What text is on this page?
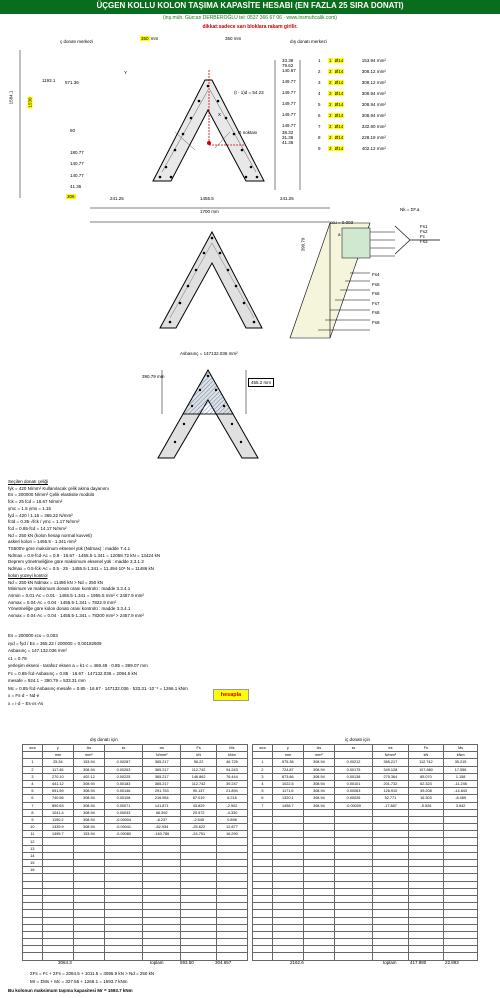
ÜÇGEN KOLLU KOLON TAŞIMA KAPASİTE HESABI (EN FAZLA 25 SIRA DONATI)
(inş.müh. Gürcan DERBEROĞLU tel: 0537 366 67 06 · www.insmuhcalik.com)
dikkat:sadece sarı bloklara rakam girilir.
ç donatı merkezi	dış donatı merkezi
350 mm	350 mm
1584.1	1530
1193.1 571.36
60
180.77
140.77
140.77
41.36
306
G noktası
X
Y
(t - 1)d = 54.23
241.25	1455.5	241.25
1700 mm
33.39
79.62
140.67
149.77
149.77
149.77
149.77
149.77
38.32
31.36
41.36
1 1 Ø14	153.94 mm²
2 2 Ø14	308.12 mm²
3 2 Ø14	308.12 mm²
4 2 Ø14	308.94 mm²
5 2 Ø14	308.94 mm²
6 2 Ø14	308.94 mm²
7 2 Ø14	332.80 mm²
8 2 Ø14	228.19 mm²
9 2 Ø14	402.12 mm²
εcu = 0.003
390.79
a
Nk = ΣF.a
Fs1
Fs2
Fc
Fs3
Fs4
Fs5
Fs6
Fs7
Fs8
Fs9
Asbasınç = 147132.036 mm²
390.79 mm
455.2 mm
Seçilen donatı çeliği
fyk = 420 N/mm² Kullanılacak çelik akma dayanımı
Es = 200000 N/mm² Çelik elastisite modülü
fck = 25 fcd = 16.67 N/mm²
γmc = 1.5 γms = 1.15
fyd = 420 / 1.15 = 365.22 N/mm²
fctd = 0.35·√fck / γmc = 1.17 N/mm²
fcd = 0.85·fcd = 14.17 N/mm²
Nd = 250 kN (kolon hesap normal kuvveti)
askeri kolon = 1455.5 · 1.341 mm²
TS500'e göre maksimum eksenel yük (Ndmax) : madde 7.4.1
Ndmax = 0.9·fcd·Ac = 0.9 · 16.67 · 1455.5·1.341 = 12058.72 kN = 13424 kN
Deprem yönetmeliğine göre maksimum eksenel yük : madde 3.3.1.2
Ndmax = 0.5·fck·Ac = 0.5 · 25 · 1455.5·1.341 = 11.494·10⁶ N = 11486 kN
kolon yüzeyi kontrol
Nd = 250 kN Ndmax = 11486 kN > Nd = 250 kN
Minimum ve maksimum donatı oranı kontrolü : madde 3.3.4.1
Asmin = 0.01·Ac = 0.01 · 1455.5·1.341 = 1955.5 mm² < 2457.9 mm²
Asmax = 0.04·Ac = 0.04 · 1455.5·1.341 = 7822.9 mm²
Yönetmeliğe göre kolon donatı oranı kontrolü : madde 3.3.4.1
Asmax = 0.04·Ac = 0.04 · 1455.5·1.341 = 78200 mm² > 2457.9 mm²
Es = 200000 εcu = 0.003
εyd = fyd / Es = 365.22 / 200000 = 0.00182609
Asbasınç = 147.132.036 mm²
c1 = 0.79
yerleşim ekseni - tarafsız eksen a = k1·c = 469.49 · 0.85 = 399.07 mm
Fc = 0.85·fcd·Asbasınç = 0.85 · 16.67 · 147132.036 = 2084.5 kN
mesafe = 924.1 − 390.79 = 533.31 mm
Mc = 0.85·fcd·Asbasınç·mesafe = 0.85 · 16.67 · 147132.036 · 533.31 ·10⁻⁶ = 1266.1 kNm
x = Fs·d − Nd·e
x = i·d − Es·εs·As
hesapla
dış donatı için	iç donatı için
sıra	y	As	εs	σs	Fs	Ms
	mm	mm²		N/mm²	kN	kNm
1	25.34	153.94	0.00287	365.217	56.22	46.725
2	117.46	308.94	0.00263	365.217	112.742	94.243
3	270.10	402.12	0.00225	365.217	146.862	76.444
4	441.12	308.94	0.00183	365.217	112.742	39.247
5	591.59	308.94	0.00146	291.753	90.137	21.894
6	740.56	308.94	0.00108	216.954	67.019	6.218
7	890.63	308.94	0.00071	141.871	43.829	-2.502
8	1041.4	308.94	0.00033	66.592	20.572	-4.330
9	1190.2	308.94	-0.00004	-8.237	-2.545	0.898
10	1339.9	308.94	-0.00041	-82.934	-25.622	12.877
11	1495.7	153.94	-0.00080	-160.786	-24.751	16.290
12						
13						
14						
15						
16						

sıra	y	As	εs	σs	Fs	Ms
	mm	mm²		N/mm²	kN	kNm
1	575.36	308.94	0.00212	365.217	112.742	35.215
2	724.87	308.94	0.00175	349.128	107.860	17.556
3	873.86	308.94	0.00138	275.364	85.070	1.158
4	1022.5	308.94	0.00101	201.732	62.323	-11.246
5	1171.6	308.94	0.00063	126.910	39.208	-14.843
6	1320.1	308.94	0.00026	52.771	16.303	-8.489
7	1458.7	308.94	-0.00009	-17.887	-5.526	3.542

3064.3	toplam	593.50	304.657	2162.6	toplam	417.980	22.893
ΣFs = Fc + ΣFs = 2084.5 + 1011.5 = 3095.9 kN > Nd = 250 kN
Mr = ΣMs + Mc = 327.55 + 1266.1 = 1593.7 kNm
Bu kolonun maksimum taşıma kapasitesi Mr = 1593.7 kNm
